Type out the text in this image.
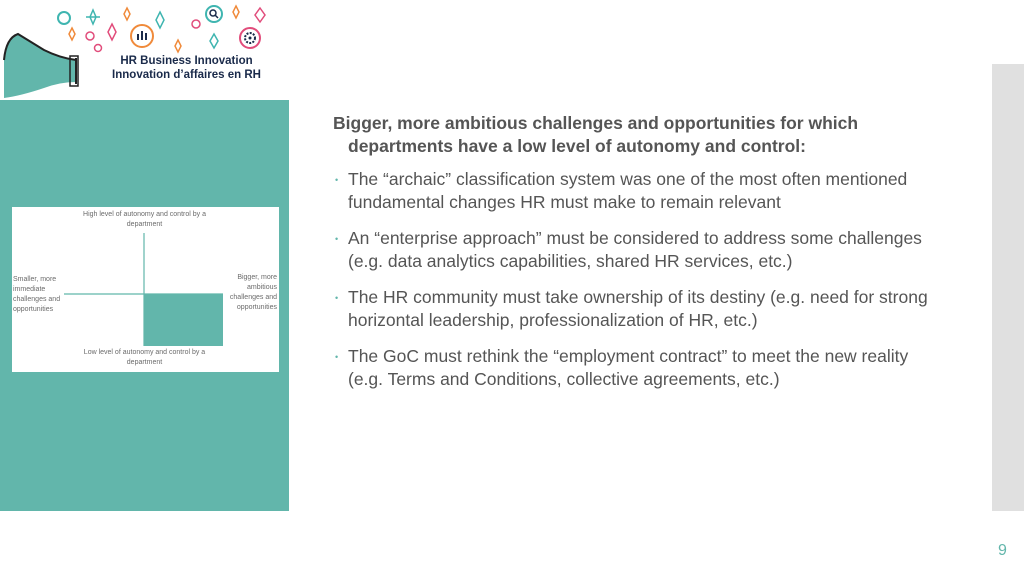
HR Business Innovation
Innovation d’affaires en RH
High level of autonomy and control by a department
Low level of autonomy and control by a department
Smaller, more immediate challenges and opportunities
Bigger, more ambitious challenges and opportunities

Bigger, more ambitious challenges and opportunities for which departments have a low level of autonomy and control:

• The “archaic” classification system was one of the most often mentioned fundamental changes HR must make to remain relevant
• An “enterprise approach” must be considered to address some challenges (e.g. data analytics capabilities, shared HR services, etc.)
• The HR community must take ownership of its destiny (e.g. need for strong horizontal leadership, professionalization of HR, etc.)
• The GoC must rethink the “employment contract” to meet the new reality (e.g. Terms and Conditions, collective agreements, etc.)
9
